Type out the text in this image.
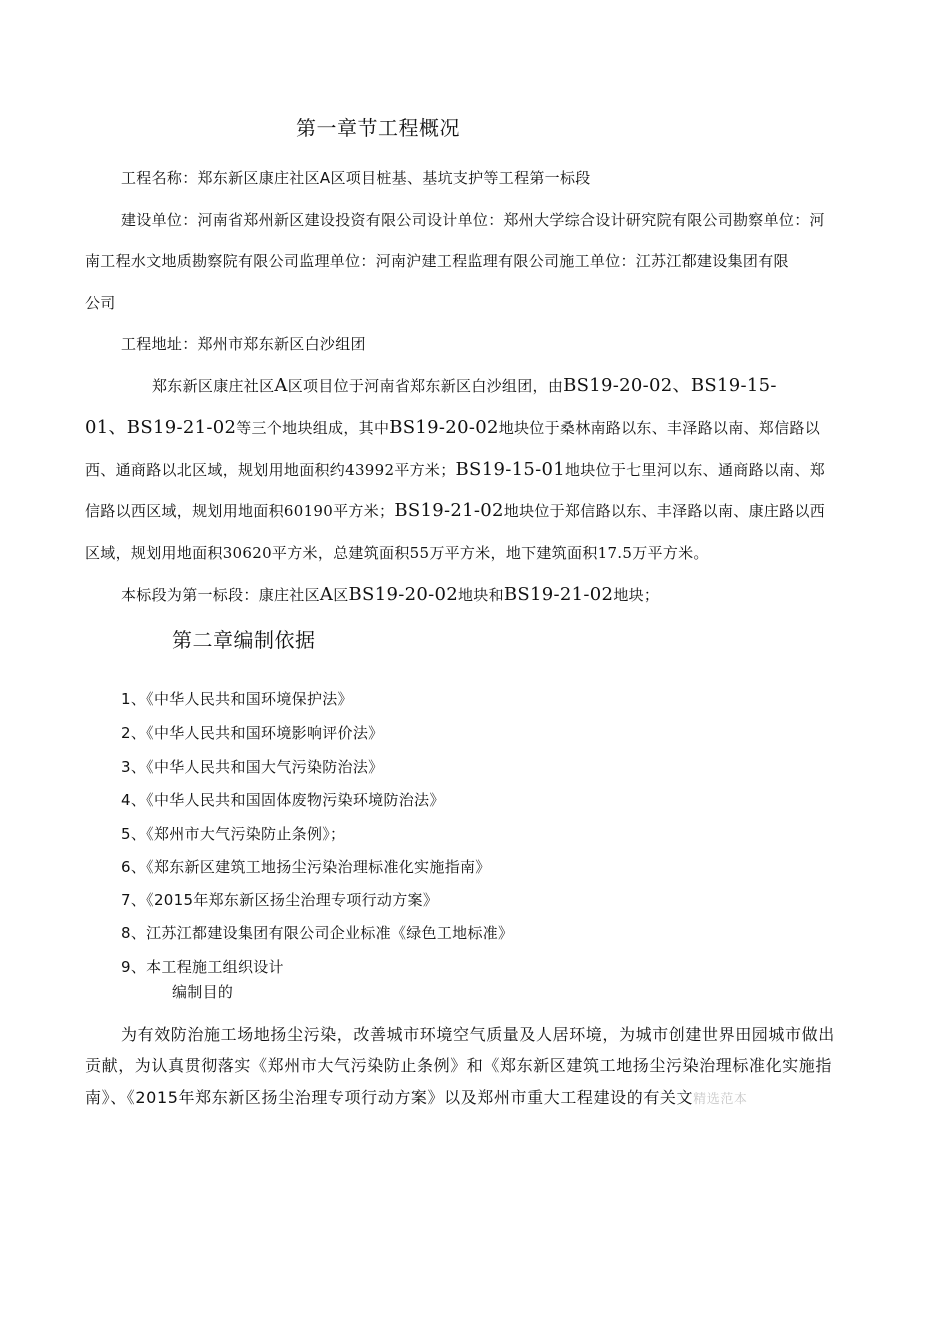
第一章节工程概况
工程名称：郑东新区康庄社区A区项目桩基、基坑支护等工程第一标段
建设单位：河南省郑州新区建设投资有限公司设计单位：郑州大学综合设计研究院有限公司勘察单位：河
南工程水文地质勘察院有限公司监理单位：河南沪建工程监理有限公司施工单位：江苏江都建设集团有限
公司
工程地址：郑州市郑东新区白沙组团
郑东新区康庄社区A区项目位于河南省郑东新区白沙组团，由BS19-20-02、BS19-15-
01、BS19-21-02等三个地块组成，其中BS19-20-02地块位于桑林南路以东、丰泽路以南、郑信路以
西、通商路以北区域，规划用地面积约43992平方米；BS19-15-01地块位于七里河以东、通商路以南、郑
信路以西区域，规划用地面积60190平方米；BS19-21-02地块位于郑信路以东、丰泽路以南、康庄路以西
区域，规划用地面积30620平方米，总建筑面积55万平方米，地下建筑面积17.5万平方米。
本标段为第一标段：康庄社区A区BS19-20-02地块和BS19-21-02地块；
第二章编制依据
1、《中华人民共和国环境保护法》
2、《中华人民共和国环境影响评价法》
3、《中华人民共和国大气污染防治法》
4、《中华人民共和国固体废物污染环境防治法》
5、《郑州市大气污染防止条例》；
6、《郑东新区建筑工地扬尘污染治理标准化实施指南》
7、《2015年郑东新区扬尘治理专项行动方案》
8、江苏江都建设集团有限公司企业标准《绿色工地标准》
9、本工程施工组织设计
编制目的
为有效防治施工场地扬尘污染，改善城市环境空气质量及人居环境，为城市创建世界田园城市做出
贡献，为认真贯彻落实《郑州市大气污染防止条例》和《郑东新区建筑工地扬尘污染治理标准化实施指
南》、《2015年郑东新区扬尘治理专项行动方案》以及郑州市重大工程建设的有关文精选范本
